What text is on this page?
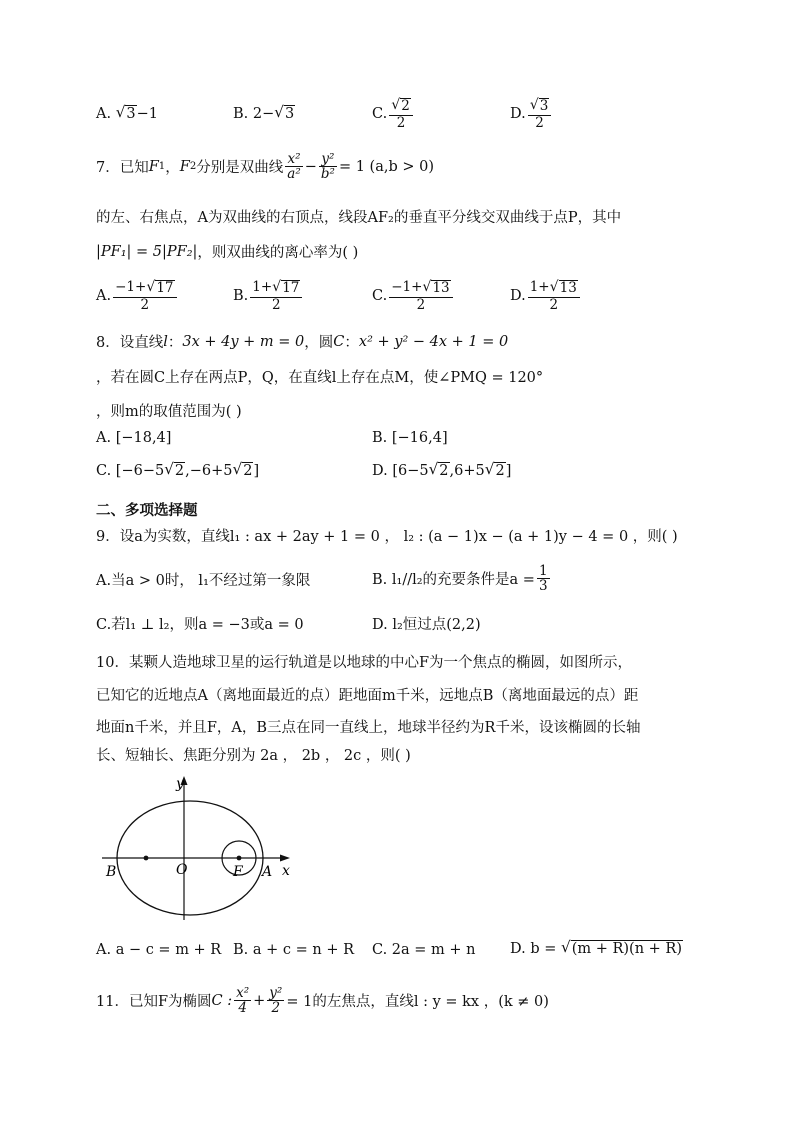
A.
√ 3 −1	B.
2− √ 3	C. $\frac{√ 2}{2}$	D. $\frac{√ 3}{2}$
7． 已知 F 1 ， F 2 分别是双曲线 $\frac{\text{x²}}{\text{a²}} - \frac{\text{y²}}{\text{b²}} = 1$ (a,b > 0)
的左、右焦点，A为双曲线的右顶点，线段AF₂的垂直平分线交双曲线于点P，其中
|PF₁| = 5|PF₂| ，则双曲线的离心率为( )
A. $\frac{-1+ √ 17}{2}$	B. $\frac{1+ √ 17}{2}$	C. $\frac{-1+ √ 13}{2}$	D. $\frac{1+ √ 13}{2}$
8． 设直线 l ： 3x + 4y + m = 0 ，圆 C ： x² + y² − 4x + 1 = 0
，若在圆C上存在两点P，Q，在直线l上存在点M，使∠PMQ = 120°
，则m的取值范围为( )
A. [−18,4]	B. [−16,4]
C. [−6−5 √ 2 ,−6+5 √ 2 ]	D. [6−5 √ 2 ,6+5 √ 2 ]
二、多项选择题
9． 设a为实数，直线l₁ : ax + 2ay + 1 = 0 ， l₂ : (a − 1)x − (a + 1)y − 4 = 0 ，则( )
A.当a > 0时， l₁不经过第一象限	B. l₁//l₂的充要条件是$a = \frac{1}{3}$
C.若l₁ ⊥ l₂，则a = −3或a = 0	D. l₂恒过点(2,2)
10． 某颗人造地球卫星的运行轨道是以地球的中心F为一个焦点的椭圆，如图所示，
已知它的近地点A（离地面最近的点）距地面m千米，远地点B（离地面最远的点）距
地面n千米，并且F，A，B三点在同一直线上，地球半径约为R千米，设该椭圆的长轴
长、短轴长、焦距分别为 2a ， 2b ， 2c ，则( )
y
x
O
B	F A
A. a − c = m + R B. a + c = n + R C. 2a = m + n D. b =
√ (m + R)(n + R)
11． 已知F为椭圆 C : $\frac{\text{x²}}{4} + \frac{\text{y²}}{2} = 1$的左焦点，直线l : y = kx ，(k ≠ 0)
